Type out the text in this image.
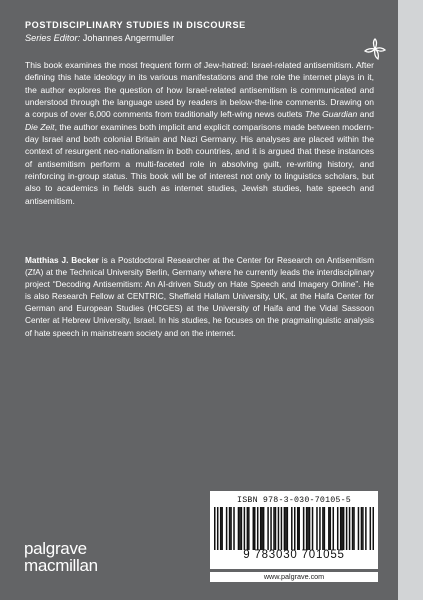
POSTDISCIPLINARY STUDIES IN DISCOURSE
Series Editor: Johannes Angermuller

This book examines the most frequent form of Jew-hatred: Israel-related antisemitism. After defining this hate ideology in its various manifestations and the role the internet plays in it, the author explores the question of how Israel-related antisemitism is communicated and understood through the language used by readers in below-the-line comments. Drawing on a corpus of over 6,000 comments from traditionally left-wing news outlets The Guardian and Die Zeit, the author examines both implicit and explicit comparisons made between modern-day Israel and both colonial Britain and Nazi Germany. His analyses are placed within the context of resurgent neo-nationalism in both countries, and it is argued that these instances of antisemitism perform a multi-faceted role in absolving guilt, re-writing history, and reinforcing in-group status. This book will be of interest not only to linguistics scholars, but also to academics in fields such as internet studies, Jewish studies, hate speech and antisemitism.

Matthias J. Becker is a Postdoctoral Researcher at the Center for Research on Antisemitism (ZfA) at the Technical University Berlin, Germany where he currently leads the interdisciplinary project “Decoding Antisemitism: An AI-driven Study on Hate Speech and Imagery Online”. He is also Research Fellow at CENTRIC, Sheffield Hallam University, UK, at the Haifa Center for German and European Studies (HCGES) at the University of Haifa and the Vidal Sassoon Center at Hebrew University, Israel. In his studies, he focuses on the pragmalinguistic analysis of hate speech in mainstream society and on the internet.

palgrave
macmillan
ISBN 978-3-030-70105-5
9 783030 701055
www.palgrave.com
